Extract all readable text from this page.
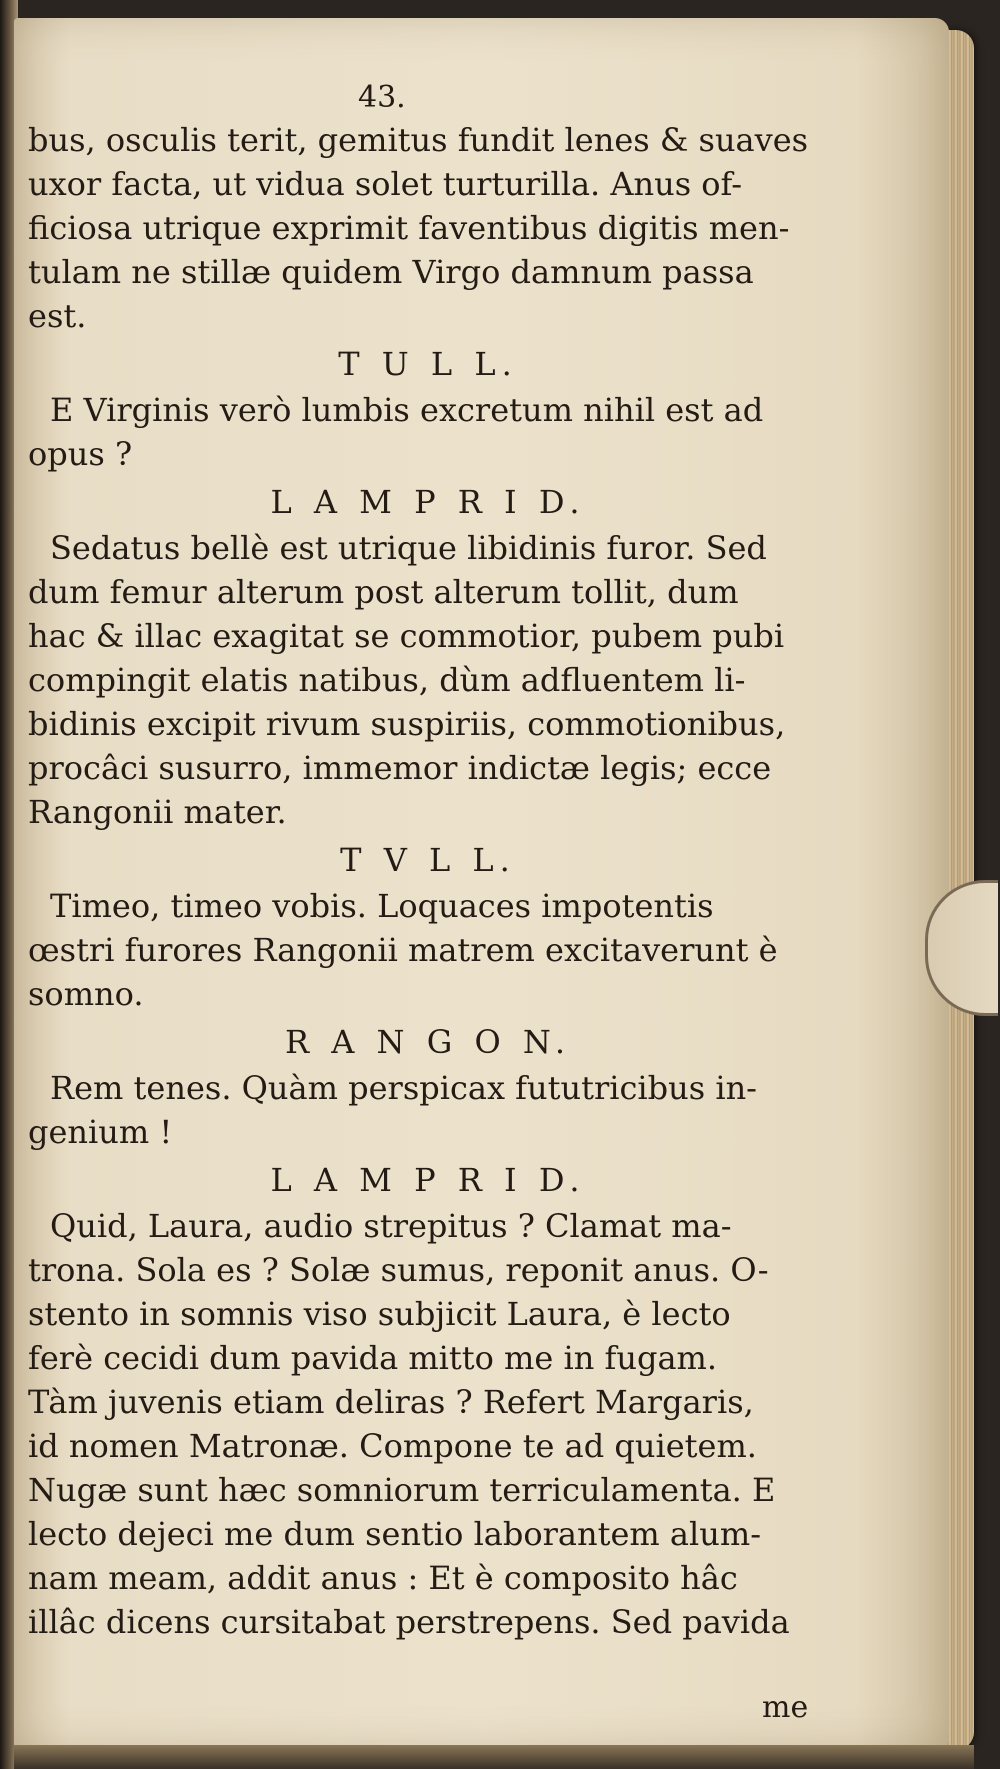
43.
bus, osculis terit, gemitus fundit lenes & suaves
uxor facta, ut vidua solet turturilla. Anus of-
ficiosa utrique exprimit faventibus digitis men-
tulam ne stillæ quidem Virgo damnum passa
est.
T U L L.
E Virginis verò lumbis excretum nihil est ad
opus ?
L A M P R I D.
Sedatus bellè est utrique libidinis furor. Sed
dum femur alterum post alterum tollit, dum
hac & illac exagitat se commotior, pubem pubi
compingit elatis natibus, dùm adfluentem li-
bidinis excipit rivum suspiriis, commotionibus,
procâci susurro, immemor indictæ legis; ecce
Rangonii mater.
T V L L.
Timeo, timeo vobis. Loquaces impotentis
œstri furores Rangonii matrem excitaverunt è
somno.
R A N G O N.
Rem tenes. Quàm perspicax fututricibus in-
genium !
L A M P R I D.
Quid, Laura, audio strepitus ? Clamat ma-
trona. Sola es ? Solæ sumus, reponit anus. O-
stento in somnis viso subjicit Laura, è lecto
ferè cecidi dum pavida mitto me in fugam.
Tàm juvenis etiam deliras ? Refert Margaris,
id nomen Matronæ. Compone te ad quietem.
Nugæ sunt hæc somniorum terriculamenta. E
lecto dejeci me dum sentio laborantem alum-
nam meam, addit anus : Et è composito hâc
illâc dicens cursitabat perstrepens. Sed pavida
me
